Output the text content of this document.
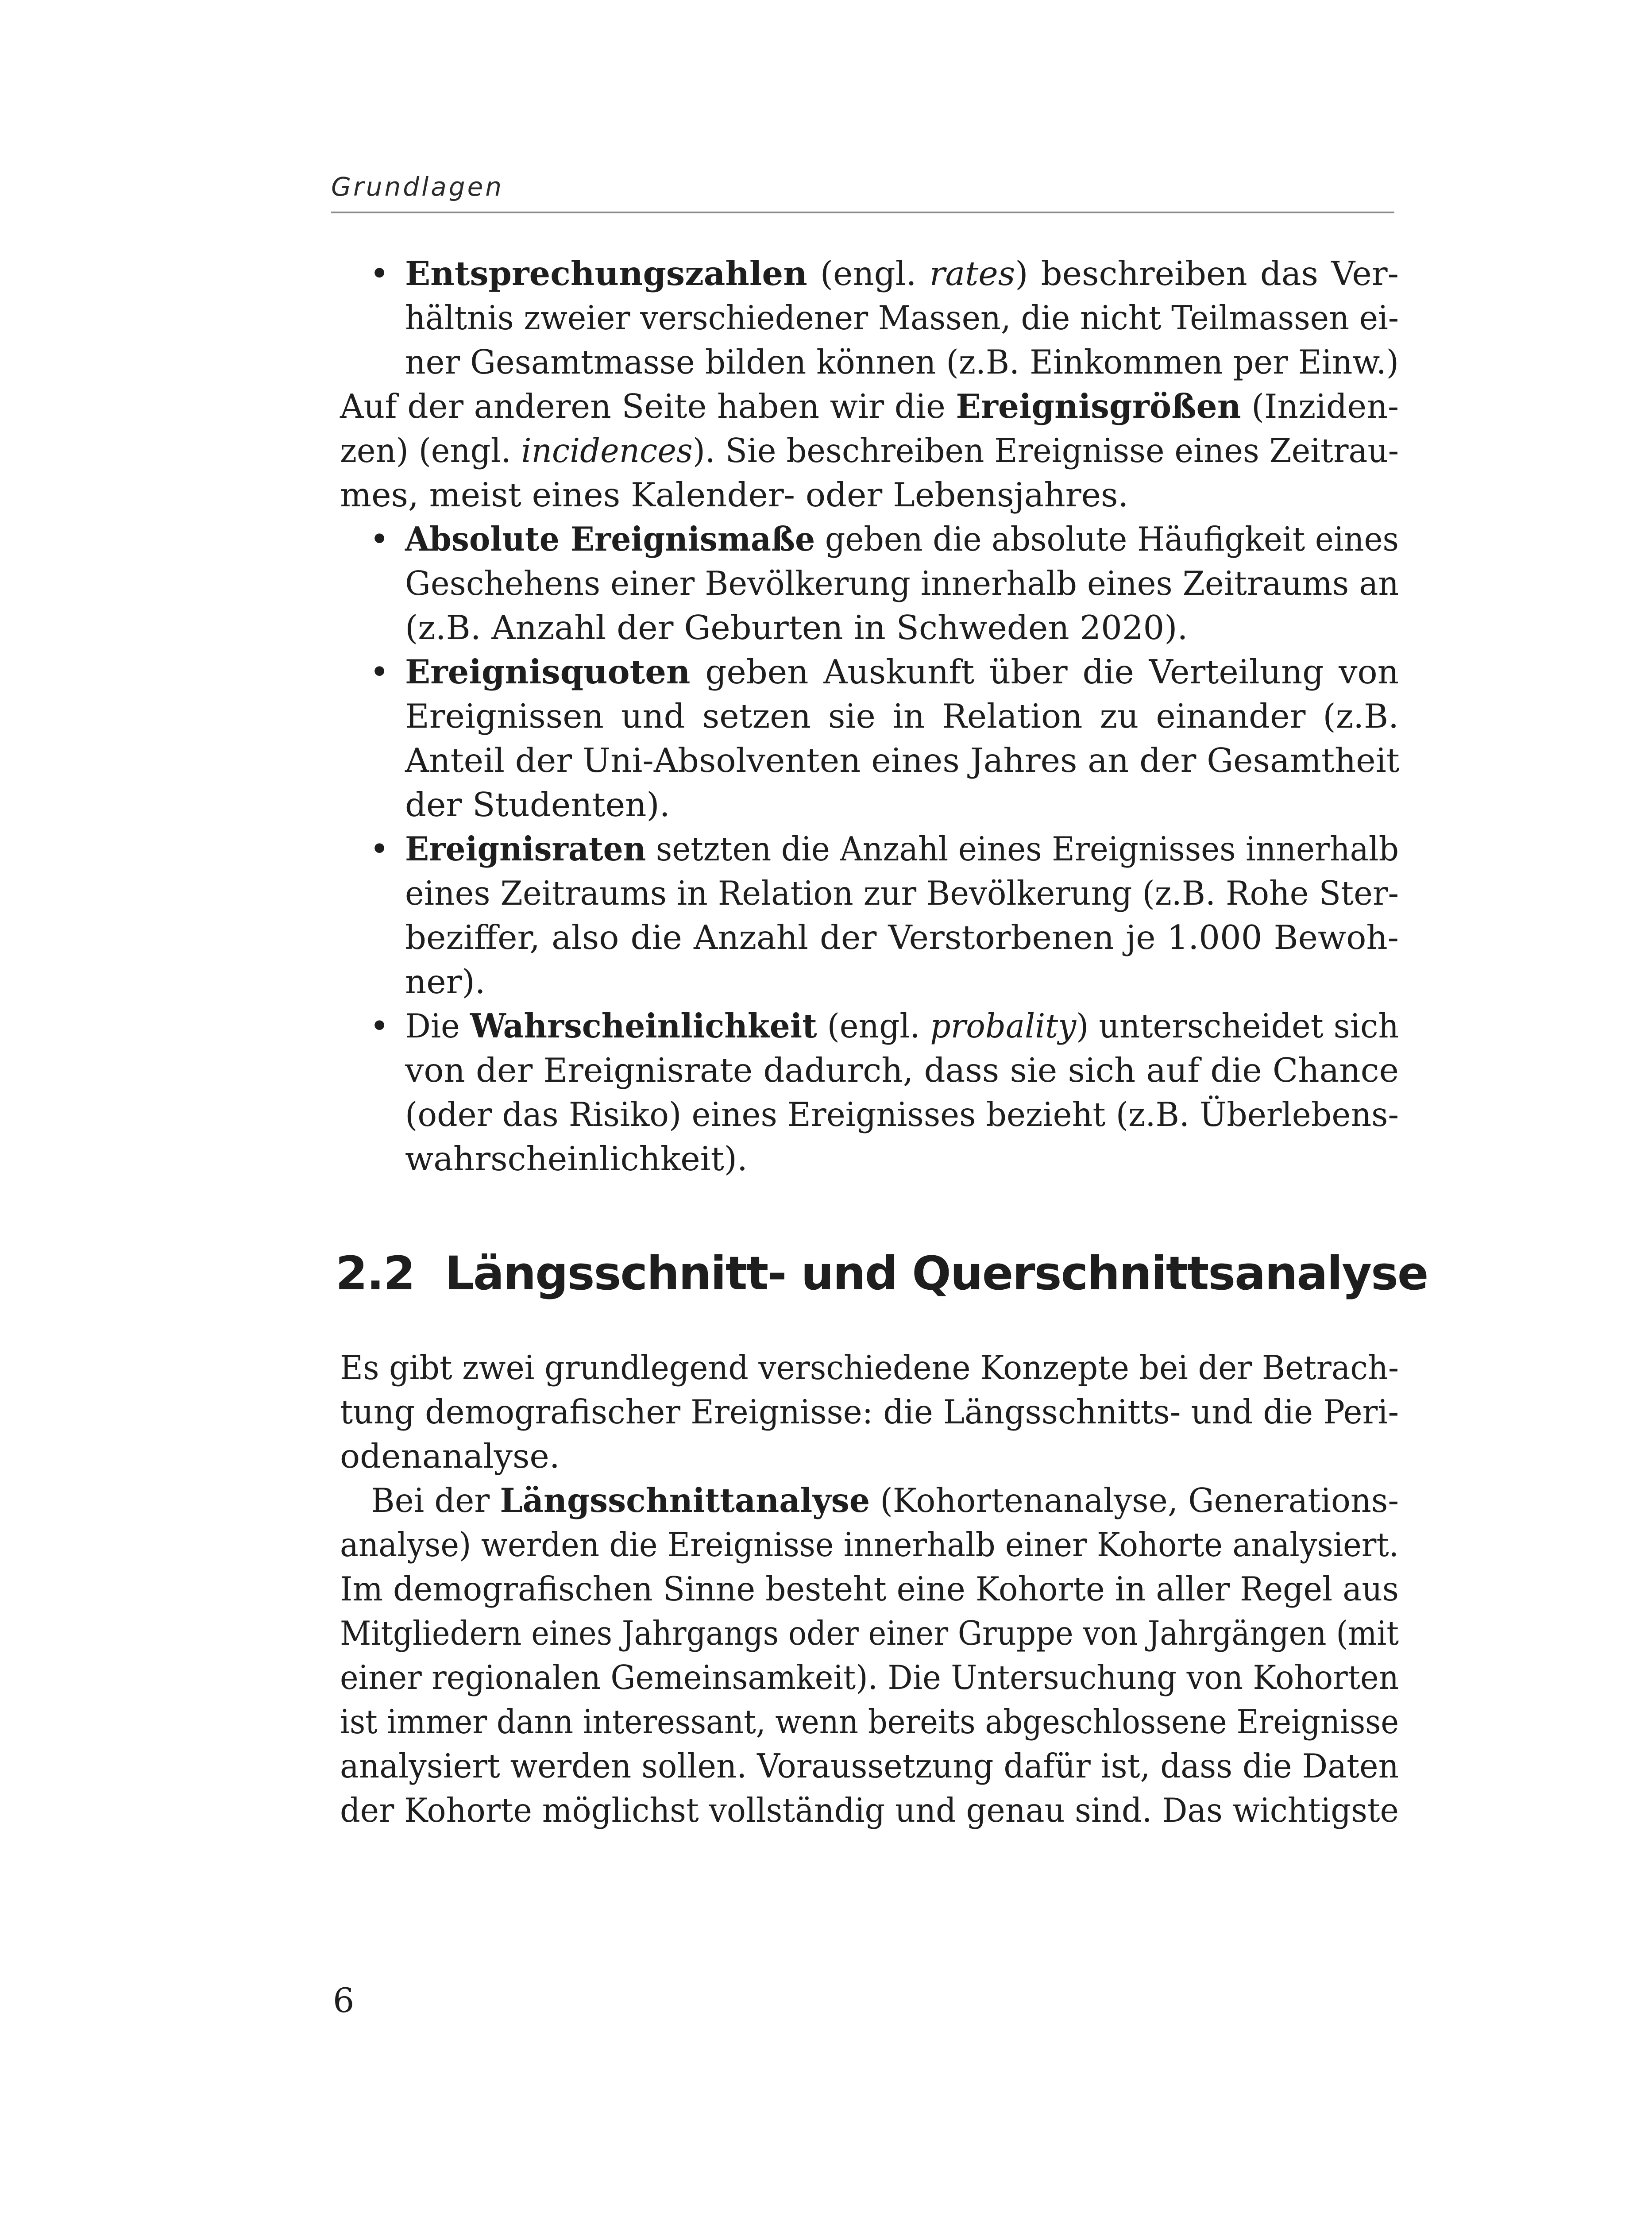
Grundlagen
• Entsprechungszahlen (engl. rates) beschreiben das Ver-
hältnis zweier verschiedener Massen, die nicht Teilmassen ei-
ner Gesamtmasse bilden können (z.B. Einkommen per Einw.)
Auf der anderen Seite haben wir die Ereignisgrößen (Inziden-
zen) (engl. incidences). Sie beschreiben Ereignisse eines Zeitrau-
mes, meist eines Kalender- oder Lebensjahres.
• Absolute Ereignismaße geben die absolute Häufigkeit eines
Geschehens einer Bevölkerung innerhalb eines Zeitraums an
(z.B. Anzahl der Geburten in Schweden 2020).
• Ereignisquoten geben Auskunft über die Verteilung von
Ereignissen und setzen sie in Relation zu einander (z.B.
Anteil der Uni-Absolventen eines Jahres an der Gesamtheit
der Studenten).
• Ereignisraten setzten die Anzahl eines Ereignisses innerhalb
eines Zeitraums in Relation zur Bevölkerung (z.B. Rohe Ster-
beziffer, also die Anzahl der Verstorbenen je 1.000 Bewoh-
ner).
• Die Wahrscheinlichkeit (engl. probality) unterscheidet sich
von der Ereignisrate dadurch, dass sie sich auf die Chance
(oder das Risiko) eines Ereignisses bezieht (z.B. Überlebens-
wahrscheinlichkeit).
Es gibt zwei grundlegend verschiedene Konzepte bei der Betrach-
tung demografischer Ereignisse: die Längsschnitts- und die Peri-
odenanalyse.
Bei der Längsschnittanalyse (Kohortenanalyse, Generations-
analyse) werden die Ereignisse innerhalb einer Kohorte analysiert.
Im demografischen Sinne besteht eine Kohorte in aller Regel aus
Mitgliedern eines Jahrgangs oder einer Gruppe von Jahrgängen (mit
einer regionalen Gemeinsamkeit). Die Untersuchung von Kohorten
ist immer dann interessant, wenn bereits abgeschlossene Ereignisse
analysiert werden sollen. Voraussetzung dafür ist, dass die Daten
der Kohorte möglichst vollständig und genau sind. Das wichtigste
2.2 Längsschnitt- und Querschnittsanalyse
6
